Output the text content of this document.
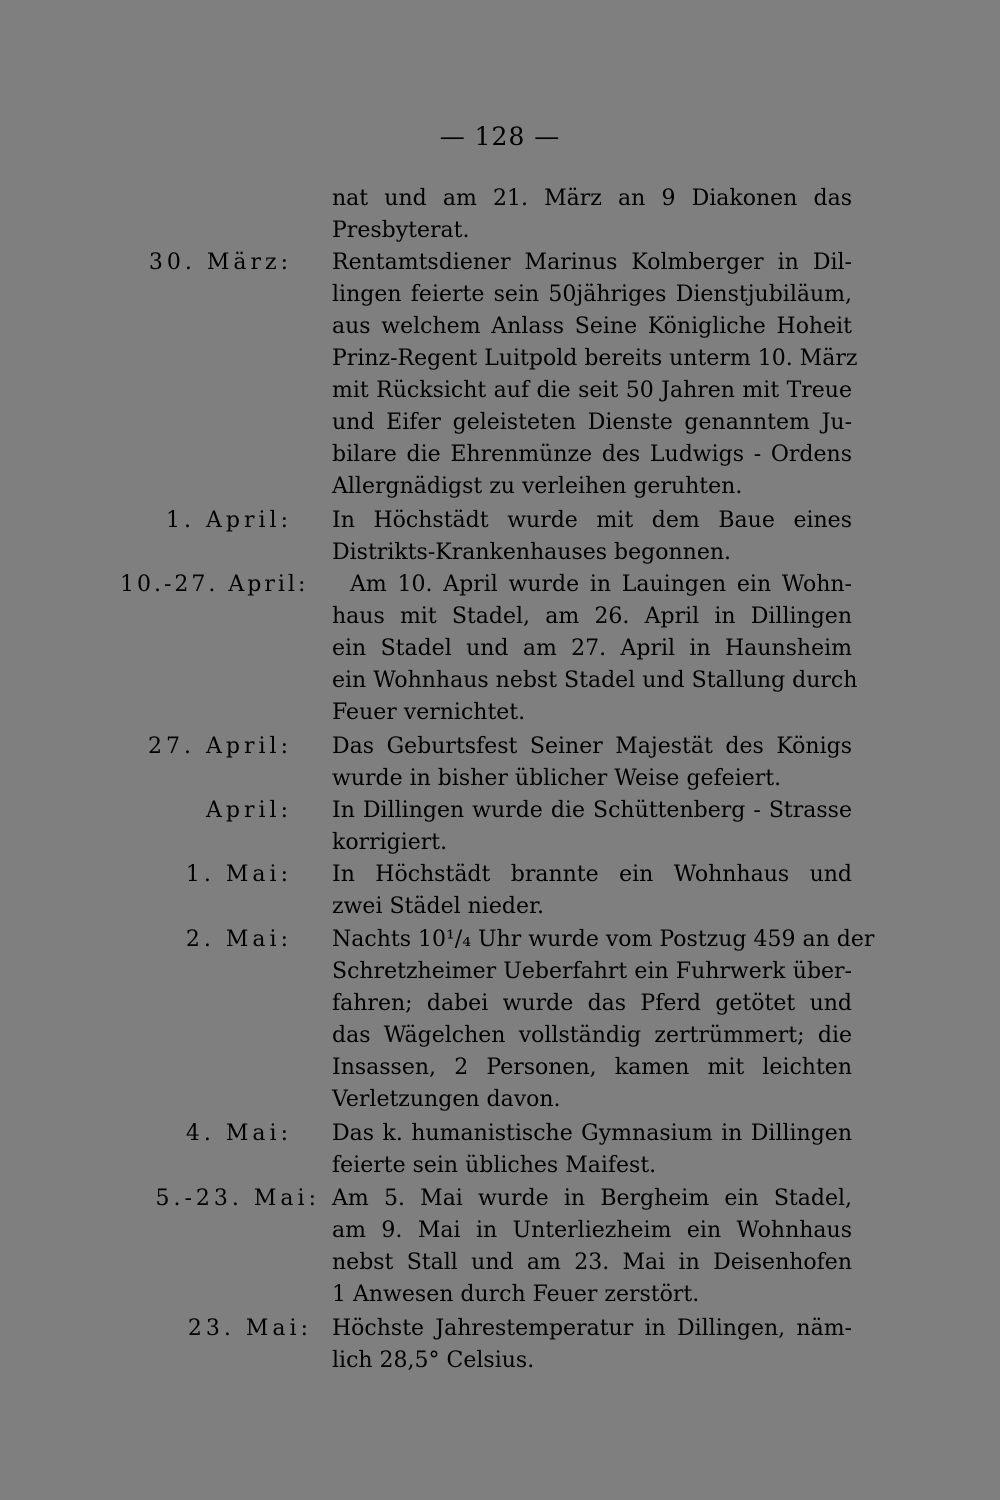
— 128 —
nat und am 21. März an 9 Diakonen das
Presbyterat.
30. März: Rentamtsdiener Marinus Kolmberger in Dil-
lingen feierte sein 50jähriges Dienstjubiläum,
aus welchem Anlass Seine Königliche Hoheit
Prinz-Regent Luitpold bereits unterm 10. März
mit Rücksicht auf die seit 50 Jahren mit Treue
und Eifer geleisteten Dienste genanntem Ju-
bilare die Ehrenmünze des Ludwigs - Ordens
Allergnädigst zu verleihen geruhten.
1. April: In Höchstädt wurde mit dem Baue eines
Distrikts-Krankenhauses begonnen.
10.-27. April:	Am 10. April wurde in Lauingen ein Wohn-
haus mit Stadel, am 26. April in Dillingen
ein Stadel und am 27. April in Haunsheim
ein Wohnhaus nebst Stadel und Stallung durch
Feuer vernichtet.
27. April: Das Geburtsfest Seiner Majestät des Königs
wurde in bisher üblicher Weise gefeiert.
April: In Dillingen wurde die Schüttenberg - Strasse
korrigiert.
1. Mai: In Höchstädt brannte ein Wohnhaus und
zwei Städel nieder.
2. Mai: Nachts 10¹/₄ Uhr wurde vom Postzug 459 an der
Schretzheimer Ueberfahrt ein Fuhrwerk über-
fahren; dabei wurde das Pferd getötet und
das Wägelchen vollständig zertrümmert; die
Insassen, 2 Personen, kamen mit leichten
Verletzungen davon.
4. Mai: Das k. humanistische Gymnasium in Dillingen
feierte sein übliches Maifest.
5.-23. Mai: Am 5. Mai wurde in Bergheim ein Stadel,
am 9. Mai in Unterliezheim ein Wohnhaus
nebst Stall und am 23. Mai in Deisenhofen
1 Anwesen durch Feuer zerstört.
23. Mai: Höchste Jahrestemperatur in Dillingen, näm-
lich 28,5° Celsius.
